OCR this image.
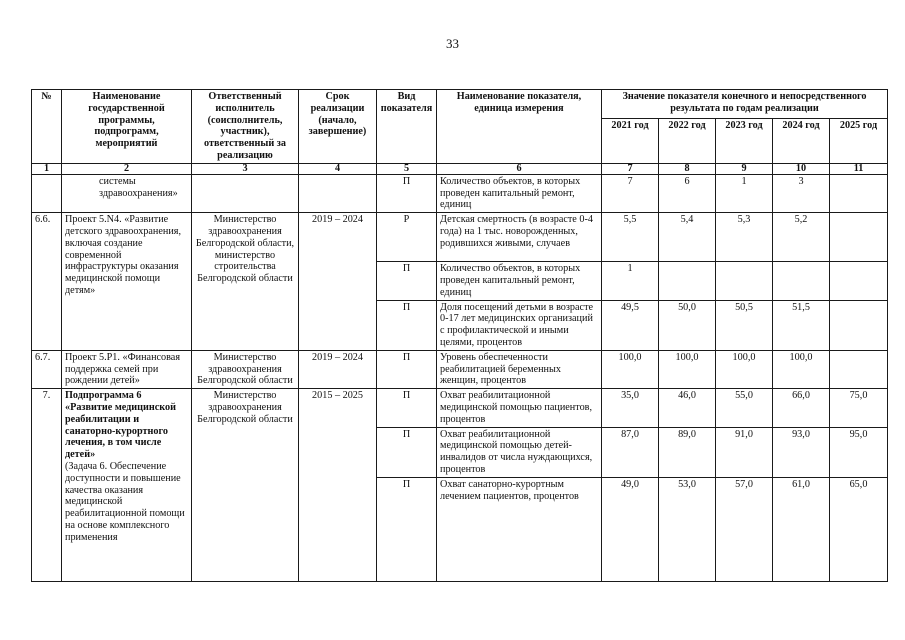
33
№	Наименование государственной программы, подпрограмм, мероприятий	Ответственный исполнитель (соисполнитель, участник), ответственный за реализацию	Срок реализации (начало, завершение)	Вид показателя	Наименование показателя, единица измерения	Значение показателя конечного и непосредственного результата по годам реализации				
						2021 год	2022 год	2023 год	2024 год	2025 год
1	2	3	4	5	6	7	8	9	10	11
	системы здравоохранения»			П	Количество объектов, в которых проведен капитальный ремонт, единиц	7	6	1	3	
6.6.	Проект 5.N4. «Развитие детского здравоохранения, включая создание современной инфраструктуры оказания медицинской помощи детям»	Министерство здравоохранения Белгородской области, министерство строительства Белгородской области	2019 – 2024	Р	Детская смертность (в возрасте 0-4 года) на 1 тыс. новорожденных, родившихся живыми, случаев	5,5	5,4	5,3	5,2	
				П	Количество объектов, в которых проведен капитальный ремонт, единиц	1				
				П	Доля посещений детьми в возрасте 0-17 лет медицинских организаций с профилактической и иными целями, процентов	49,5	50,0	50,5	51,5	
6.7.	Проект 5.Р1. «Финансовая поддержка семей при рождении детей»	Министерство здравоохранения Белгородской области	2019 – 2024	П	Уровень обеспеченности реабилитацией беременных женщин, процентов	100,0	100,0	100,0	100,0	
7.	Подпрограмма 6 «Развитие медицинской реабилитации и санаторно-курортного лечения, в том числе детей»
(Задача 6. Обеспечение доступности и повышение качества оказания медицинской реабилитационной помощи на основе комплексного применения	Министерство здравоохранения Белгородской области	2015 – 2025	П	Охват реабилитационной медицинской помощью пациентов, процентов	35,0	46,0	55,0	66,0	75,0
				П	Охват реабилитационной медицинской помощью детей-инвалидов от числа нуждающихся, процентов	87,0	89,0	91,0	93,0	95,0
				П	Охват санаторно-курортным лечением пациентов, процентов	49,0	53,0	57,0	61,0	65,0
